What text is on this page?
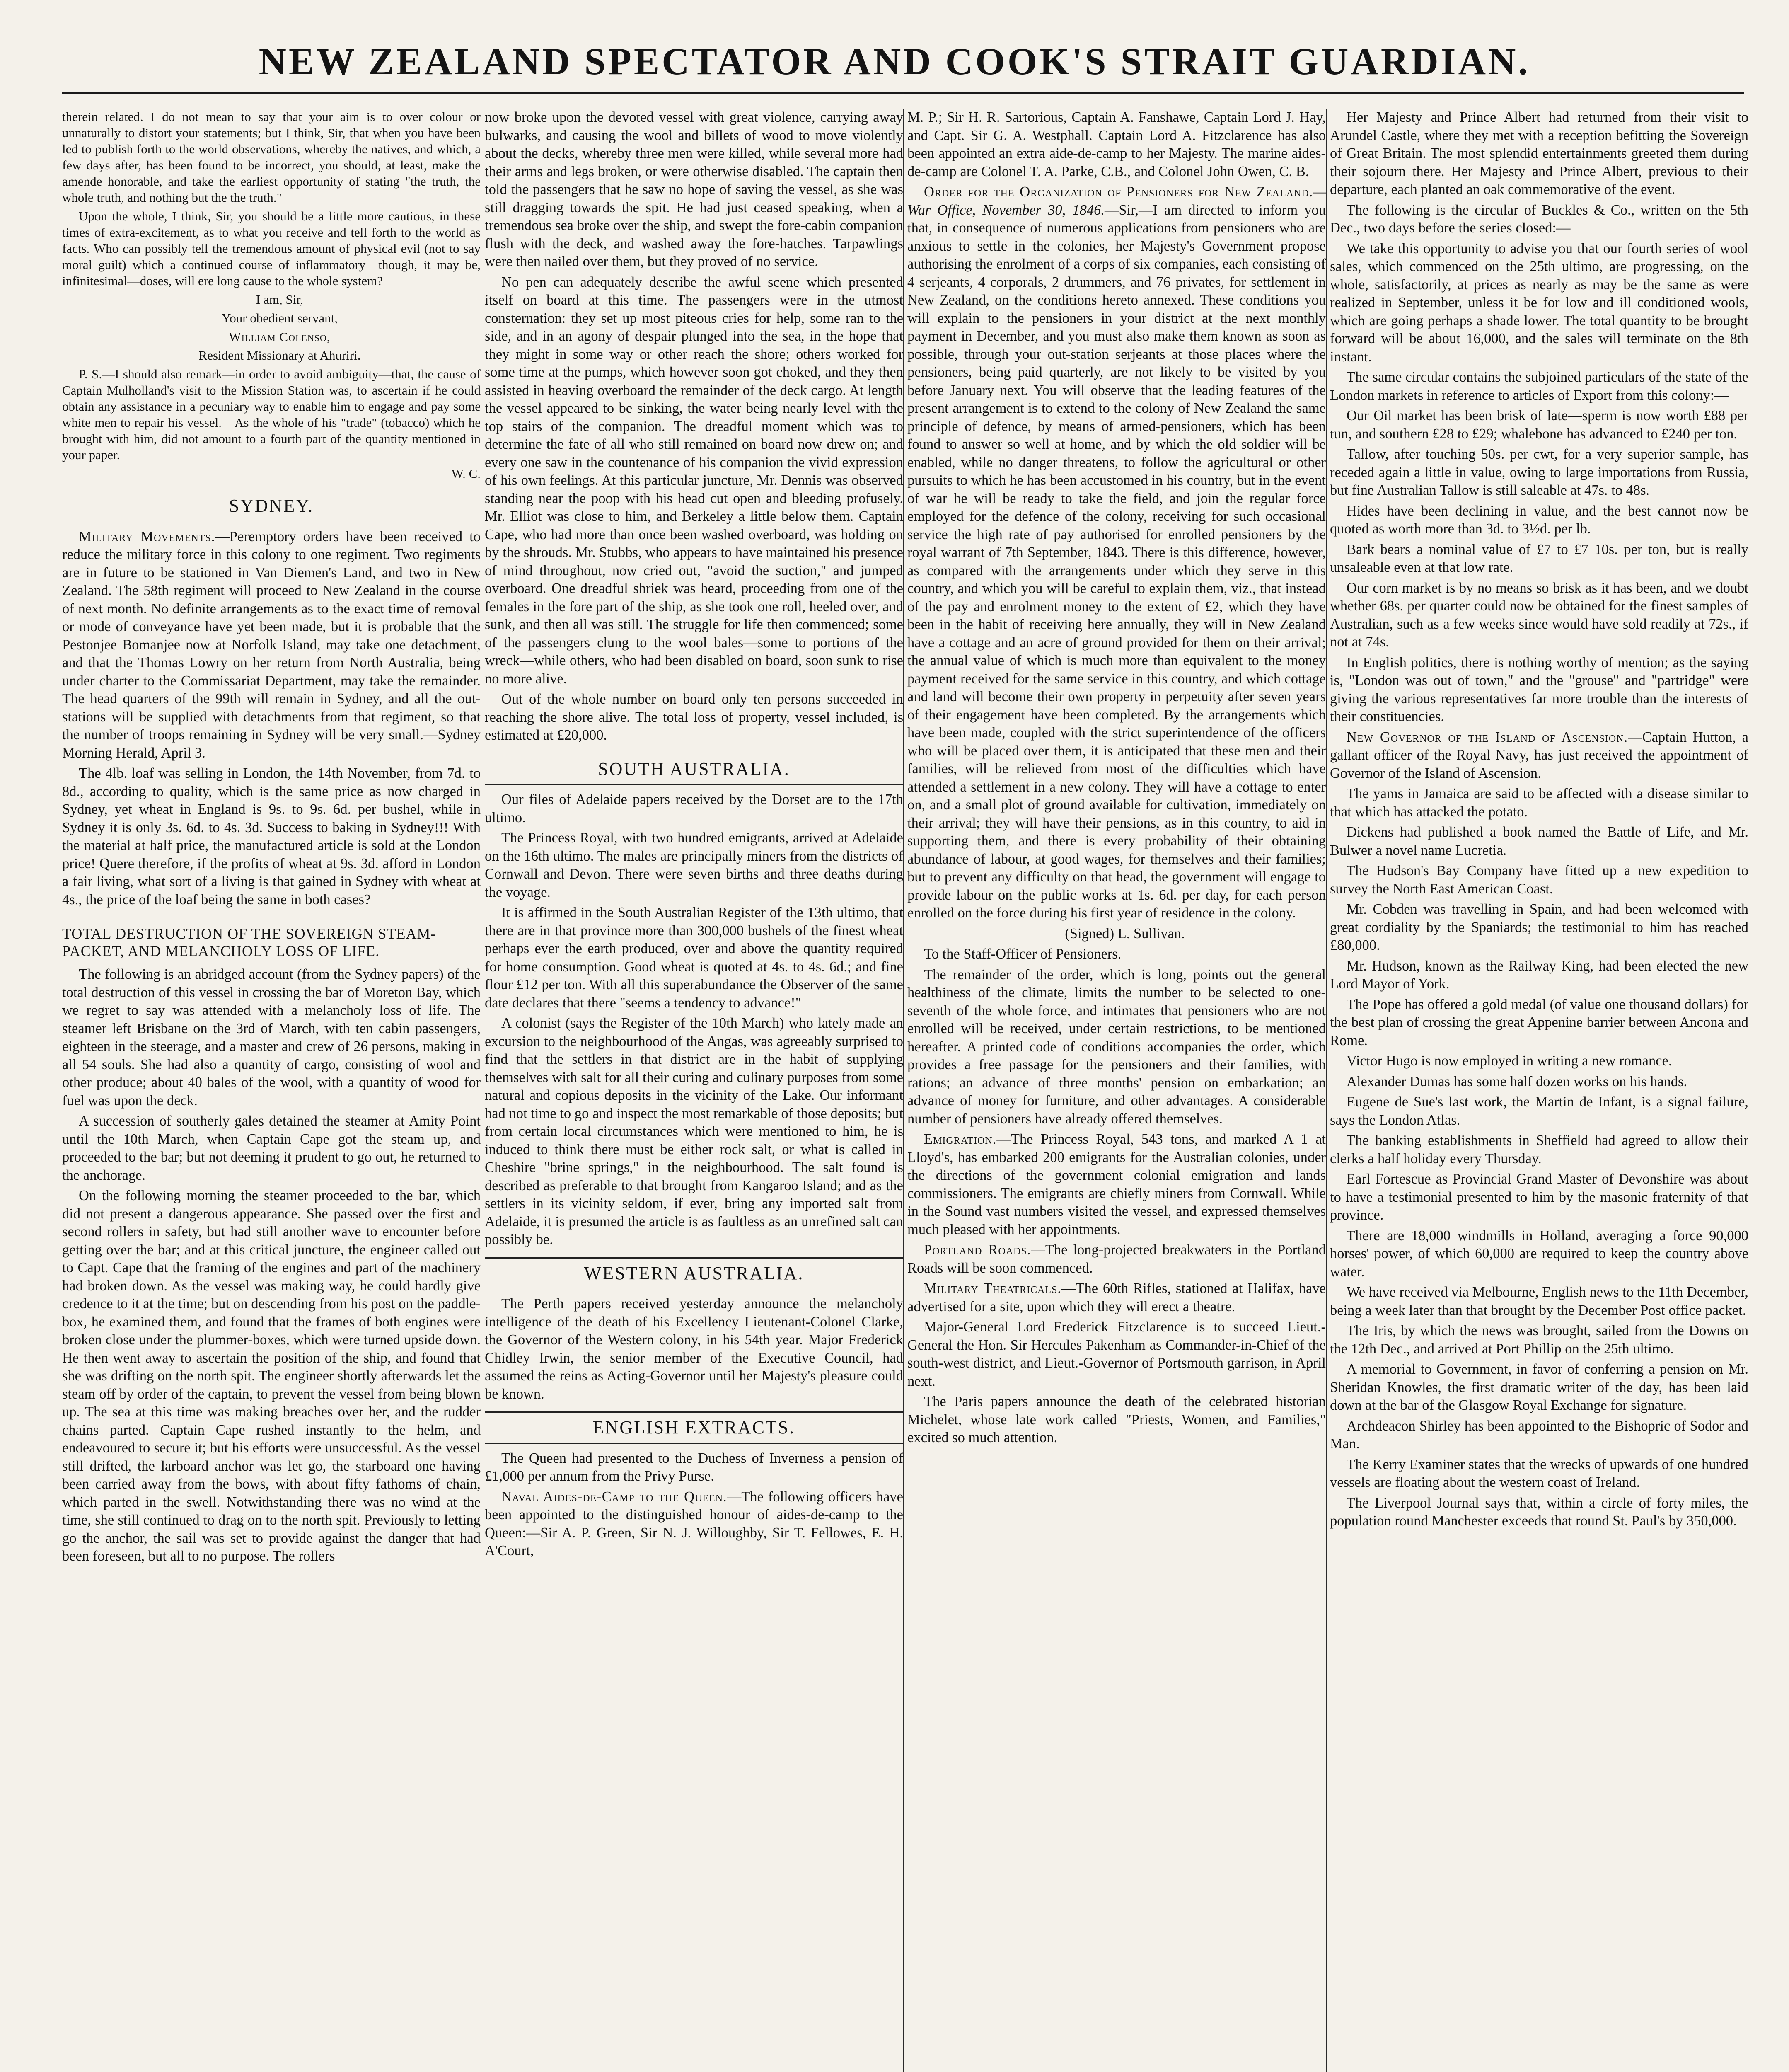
NEW ZEALAND SPECTATOR AND COOK'S STRAIT GUARDIAN.

therein related. I do not mean to say that your aim is to over colour or unnaturally to distort your statements; but I think, Sir, that when you have been led to publish forth to the world observations, whereby the natives, and which, a few days after, has been found to be incorrect, you should, at least, make the amende honorable, and take the earliest opportunity of stating "the truth, the whole truth, and nothing but the the truth."

Upon the whole, I think, Sir, you should be a little more cautious, in these times of extra-excitement, as to what you receive and tell forth to the world as facts. Who can possibly tell the tremendous amount of physical evil (not to say moral guilt) which a continued course of inflammatory—though, it may be, infinitesimal—doses, will ere long cause to the whole system?

I am, Sir,

Your obedient servant,

William Colenso,

Resident Missionary at Ahuriri.

P. S.—I should also remark—in order to avoid ambiguity—that, the cause of Captain Mulholland's visit to the Mission Station was, to ascertain if he could obtain any assistance in a pecuniary way to enable him to engage and pay some white men to repair his vessel.—As the whole of his "trade" (tobacco) which he brought with him, did not amount to a fourth part of the quantity mentioned in your paper.

W. C.

SYDNEY.

Military Movements.—Peremptory orders have been received to reduce the military force in this colony to one regiment. Two regiments are in future to be stationed in Van Diemen's Land, and two in New Zealand. The 58th regiment will proceed to New Zealand in the course of next month. No definite arrangements as to the exact time of removal or mode of conveyance have yet been made, but it is probable that the Pestonjee Bomanjee now at Norfolk Island, may take one detachment, and that the Thomas Lowry on her return from North Australia, being under charter to the Commissariat Department, may take the remainder. The head quarters of the 99th will remain in Sydney, and all the out-stations will be supplied with detachments from that regiment, so that the number of troops remaining in Sydney will be very small.—Sydney Morning Herald, April 3.

The 4lb. loaf was selling in London, the 14th November, from 7d. to 8d., according to quality, which is the same price as now charged in Sydney, yet wheat in England is 9s. to 9s. 6d. per bushel, while in Sydney it is only 3s. 6d. to 4s. 3d. Success to baking in Sydney!!! With the material at half price, the manufactured article is sold at the London price! Quere therefore, if the profits of wheat at 9s. 3d. afford in London a fair living, what sort of a living is that gained in Sydney with wheat at 4s., the price of the loaf being the same in both cases?

TOTAL DESTRUCTION OF THE SOVEREIGN STEAM-PACKET, AND MELANCHOLY LOSS OF LIFE.

The following is an abridged account (from the Sydney papers) of the total destruction of this vessel in crossing the bar of Moreton Bay, which we regret to say was attended with a melancholy loss of life. The steamer left Brisbane on the 3rd of March, with ten cabin passengers, eighteen in the steerage, and a master and crew of 26 persons, making in all 54 souls. She had also a quantity of cargo, consisting of wool and other produce; about 40 bales of the wool, with a quantity of wood for fuel was upon the deck.

A succession of southerly gales detained the steamer at Amity Point until the 10th March, when Captain Cape got the steam up, and proceeded to the bar; but not deeming it prudent to go out, he returned to the anchorage.

On the following morning the steamer proceeded to the bar, which did not present a dangerous appearance. She passed over the first and second rollers in safety, but had still another wave to encounter before getting over the bar; and at this critical juncture, the engineer called out to Capt. Cape that the framing of the engines and part of the machinery had broken down. As the vessel was making way, he could hardly give credence to it at the time; but on descending from his post on the paddle-box, he examined them, and found that the frames of both engines were broken close under the plummer-boxes, which were turned upside down. He then went away to ascertain the position of the ship, and found that she was drifting on the north spit. The engineer shortly afterwards let the steam off by order of the captain, to prevent the vessel from being blown up. The sea at this time was making breaches over her, and the rudder chains parted. Captain Cape rushed instantly to the helm, and endeavoured to secure it; but his efforts were unsuccessful. As the vessel still drifted, the larboard anchor was let go, the starboard one having been carried away from the bows, with about fifty fathoms of chain, which parted in the swell. Notwithstanding there was no wind at the time, she still continued to drag on to the north spit. Previously to letting go the anchor, the sail was set to provide against the danger that had been foreseen, but all to no purpose. The rollers

now broke upon the devoted vessel with great violence, carrying away bulwarks, and causing the wool and billets of wood to move violently about the decks, whereby three men were killed, while several more had their arms and legs broken, or were otherwise disabled. The captain then told the passengers that he saw no hope of saving the vessel, as she was still dragging towards the spit. He had just ceased speaking, when a tremendous sea broke over the ship, and swept the fore-cabin companion flush with the deck, and washed away the fore-hatches. Tarpawlings were then nailed over them, but they proved of no service.

No pen can adequately describe the awful scene which presented itself on board at this time. The passengers were in the utmost consternation: they set up most piteous cries for help, some ran to the side, and in an agony of despair plunged into the sea, in the hope that they might in some way or other reach the shore; others worked for some time at the pumps, which however soon got choked, and they then assisted in heaving overboard the remainder of the deck cargo. At length the vessel appeared to be sinking, the water being nearly level with the top stairs of the companion. The dreadful moment which was to determine the fate of all who still remained on board now drew on; and every one saw in the countenance of his companion the vivid expression of his own feelings. At this particular juncture, Mr. Dennis was observed standing near the poop with his head cut open and bleeding profusely. Mr. Elliot was close to him, and Berkeley a little below them. Captain Cape, who had more than once been washed overboard, was holding on by the shrouds. Mr. Stubbs, who appears to have maintained his presence of mind throughout, now cried out, "avoid the suction," and jumped overboard. One dreadful shriek was heard, proceeding from one of the females in the fore part of the ship, as she took one roll, heeled over, and sunk, and then all was still. The struggle for life then commenced; some of the passengers clung to the wool bales—some to portions of the wreck—while others, who had been disabled on board, soon sunk to rise no more alive.

Out of the whole number on board only ten persons succeeded in reaching the shore alive. The total loss of property, vessel included, is estimated at £20,000.

SOUTH AUSTRALIA.

Our files of Adelaide papers received by the Dorset are to the 17th ultimo.

The Princess Royal, with two hundred emigrants, arrived at Adelaide on the 16th ultimo. The males are principally miners from the districts of Cornwall and Devon. There were seven births and three deaths during the voyage.

It is affirmed in the South Australian Register of the 13th ultimo, that there are in that province more than 300,000 bushels of the finest wheat perhaps ever the earth produced, over and above the quantity required for home consumption. Good wheat is quoted at 4s. to 4s. 6d.; and fine flour £12 per ton. With all this superabundance the Observer of the same date declares that there "seems a tendency to advance!"

A colonist (says the Register of the 10th March) who lately made an excursion to the neighbourhood of the Angas, was agreeably surprised to find that the settlers in that district are in the habit of supplying themselves with salt for all their curing and culinary purposes from some natural and copious deposits in the vicinity of the Lake. Our informant had not time to go and inspect the most remarkable of those deposits; but from certain local circumstances which were mentioned to him, he is induced to think there must be either rock salt, or what is called in Cheshire "brine springs," in the neighbourhood. The salt found is described as preferable to that brought from Kangaroo Island; and as the settlers in its vicinity seldom, if ever, bring any imported salt from Adelaide, it is presumed the article is as faultless as an unrefined salt can possibly be.

WESTERN AUSTRALIA.

The Perth papers received yesterday announce the melancholy intelligence of the death of his Excellency Lieutenant-Colonel Clarke, the Governor of the Western colony, in his 54th year. Major Frederick Chidley Irwin, the senior member of the Executive Council, had assumed the reins as Acting-Governor until her Majesty's pleasure could be known.

ENGLISH EXTRACTS.

The Queen had presented to the Duchess of Inverness a pension of £1,000 per annum from the Privy Purse.

Naval Aides-de-Camp to the Queen.—The following officers have been appointed to the distinguished honour of aides-de-camp to the Queen:—Sir A. P. Green, Sir N. J. Willoughby, Sir T. Fellowes, E. H. A'Court,

M. P.; Sir H. R. Sartorious, Captain A. Fanshawe, Captain Lord J. Hay, and Capt. Sir G. A. Westphall. Captain Lord A. Fitzclarence has also been appointed an extra aide-de-camp to her Majesty. The marine aides-de-camp are Colonel T. A. Parke, C.B., and Colonel John Owen, C. B.

Order for the Organization of Pensioners for New Zealand.—War Office, November 30, 1846.—Sir,—I am directed to inform you that, in consequence of numerous applications from pensioners who are anxious to settle in the colonies, her Majesty's Government propose authorising the enrolment of a corps of six companies, each consisting of 4 serjeants, 4 corporals, 2 drummers, and 76 privates, for settlement in New Zealand, on the conditions hereto annexed. These conditions you will explain to the pensioners in your district at the next monthly payment in December, and you must also make them known as soon as possible, through your out-station serjeants at those places where the pensioners, being paid quarterly, are not likely to be visited by you before January next. You will observe that the leading features of the present arrangement is to extend to the colony of New Zealand the same principle of defence, by means of armed-pensioners, which has been found to answer so well at home, and by which the old soldier will be enabled, while no danger threatens, to follow the agricultural or other pursuits to which he has been accustomed in his country, but in the event of war he will be ready to take the field, and join the regular force employed for the defence of the colony, receiving for such occasional service the high rate of pay authorised for enrolled pensioners by the royal warrant of 7th September, 1843. There is this difference, however, as compared with the arrangements under which they serve in this country, and which you will be careful to explain them, viz., that instead of the pay and enrolment money to the extent of £2, which they have been in the habit of receiving here annually, they will in New Zealand have a cottage and an acre of ground provided for them on their arrival; the annual value of which is much more than equivalent to the money payment received for the same service in this country, and which cottage and land will become their own property in perpetuity after seven years of their engagement have been completed. By the arrangements which have been made, coupled with the strict superintendence of the officers who will be placed over them, it is anticipated that these men and their families, will be relieved from most of the difficulties which have attended a settlement in a new colony. They will have a cottage to enter on, and a small plot of ground available for cultivation, immediately on their arrival; they will have their pensions, as in this country, to aid in supporting them, and there is every probability of their obtaining abundance of labour, at good wages, for themselves and their families; but to prevent any difficulty on that head, the government will engage to provide labour on the public works at 1s. 6d. per day, for each person enrolled on the force during his first year of residence in the colony.

(Signed) L. Sullivan.

To the Staff-Officer of Pensioners.

The remainder of the order, which is long, points out the general healthiness of the climate, limits the number to be selected to one-seventh of the whole force, and intimates that pensioners who are not enrolled will be received, under certain restrictions, to be mentioned hereafter. A printed code of conditions accompanies the order, which provides a free passage for the pensioners and their families, with rations; an advance of three months' pension on embarkation; an advance of money for furniture, and other advantages. A considerable number of pensioners have already offered themselves.

Emigration.—The Princess Royal, 543 tons, and marked A 1 at Lloyd's, has embarked 200 emigrants for the Australian colonies, under the directions of the government colonial emigration and lands commissioners. The emigrants are chiefly miners from Cornwall. While in the Sound vast numbers visited the vessel, and expressed themselves much pleased with her appointments.

Portland Roads.—The long-projected breakwaters in the Portland Roads will be soon commenced.

Military Theatricals.—The 60th Rifles, stationed at Halifax, have advertised for a site, upon which they will erect a theatre.

Major-General Lord Frederick Fitzclarence is to succeed Lieut.-General the Hon. Sir Hercules Pakenham as Commander-in-Chief of the south-west district, and Lieut.-Governor of Portsmouth garrison, in April next.

The Paris papers announce the death of the celebrated historian Michelet, whose late work called "Priests, Women, and Families," excited so much attention.

Her Majesty and Prince Albert had returned from their visit to Arundel Castle, where they met with a reception befitting the Sovereign of Great Britain. The most splendid entertainments greeted them during their sojourn there. Her Majesty and Prince Albert, previous to their departure, each planted an oak commemorative of the event.

The following is the circular of Buckles & Co., written on the 5th Dec., two days before the series closed:—

We take this opportunity to advise you that our fourth series of wool sales, which commenced on the 25th ultimo, are progressing, on the whole, satisfactorily, at prices as nearly as may be the same as were realized in September, unless it be for low and ill conditioned wools, which are going perhaps a shade lower. The total quantity to be brought forward will be about 16,000, and the sales will terminate on the 8th instant.

The same circular contains the subjoined particulars of the state of the London markets in reference to articles of Export from this colony:—

Our Oil market has been brisk of late—sperm is now worth £88 per tun, and southern £28 to £29; whalebone has advanced to £240 per ton.

Tallow, after touching 50s. per cwt, for a very superior sample, has receded again a little in value, owing to large importations from Russia, but fine Australian Tallow is still saleable at 47s. to 48s.

Hides have been declining in value, and the best cannot now be quoted as worth more than 3d. to 3½d. per lb.

Bark bears a nominal value of £7 to £7 10s. per ton, but is really unsaleable even at that low rate.

Our corn market is by no means so brisk as it has been, and we doubt whether 68s. per quarter could now be obtained for the finest samples of Australian, such as a few weeks since would have sold readily at 72s., if not at 74s.

In English politics, there is nothing worthy of mention; as the saying is, "London was out of town," and the "grouse" and "partridge" were giving the various representatives far more trouble than the interests of their constituencies.

New Governor of the Island of Ascension.—Captain Hutton, a gallant officer of the Royal Navy, has just received the appointment of Governor of the Island of Ascension.

The yams in Jamaica are said to be affected with a disease similar to that which has attacked the potato.

Dickens had published a book named the Battle of Life, and Mr. Bulwer a novel name Lucretia.

The Hudson's Bay Company have fitted up a new expedition to survey the North East American Coast.

Mr. Cobden was travelling in Spain, and had been welcomed with great cordiality by the Spaniards; the testimonial to him has reached £80,000.

Mr. Hudson, known as the Railway King, had been elected the new Lord Mayor of York.

The Pope has offered a gold medal (of value one thousand dollars) for the best plan of crossing the great Appenine barrier between Ancona and Rome.

Victor Hugo is now employed in writing a new romance.

Alexander Dumas has some half dozen works on his hands.

Eugene de Sue's last work, the Martin de Infant, is a signal failure, says the London Atlas.

The banking establishments in Sheffield had agreed to allow their clerks a half holiday every Thursday.

Earl Fortescue as Provincial Grand Master of Devonshire was about to have a testimonial presented to him by the masonic fraternity of that province.

There are 18,000 windmills in Holland, averaging a force 90,000 horses' power, of which 60,000 are required to keep the country above water.

We have received via Melbourne, English news to the 11th December, being a week later than that brought by the December Post office packet.

The Iris, by which the news was brought, sailed from the Downs on the 12th Dec., and arrived at Port Phillip on the 25th ultimo.

A memorial to Government, in favor of conferring a pension on Mr. Sheridan Knowles, the first dramatic writer of the day, has been laid down at the bar of the Glasgow Royal Exchange for signature.

Archdeacon Shirley has been appointed to the Bishopric of Sodor and Man.

The Kerry Examiner states that the wrecks of upwards of one hundred vessels are floating about the western coast of Ireland.

The Liverpool Journal says that, within a circle of forty miles, the population round Manchester exceeds that round St. Paul's by 350,000.
